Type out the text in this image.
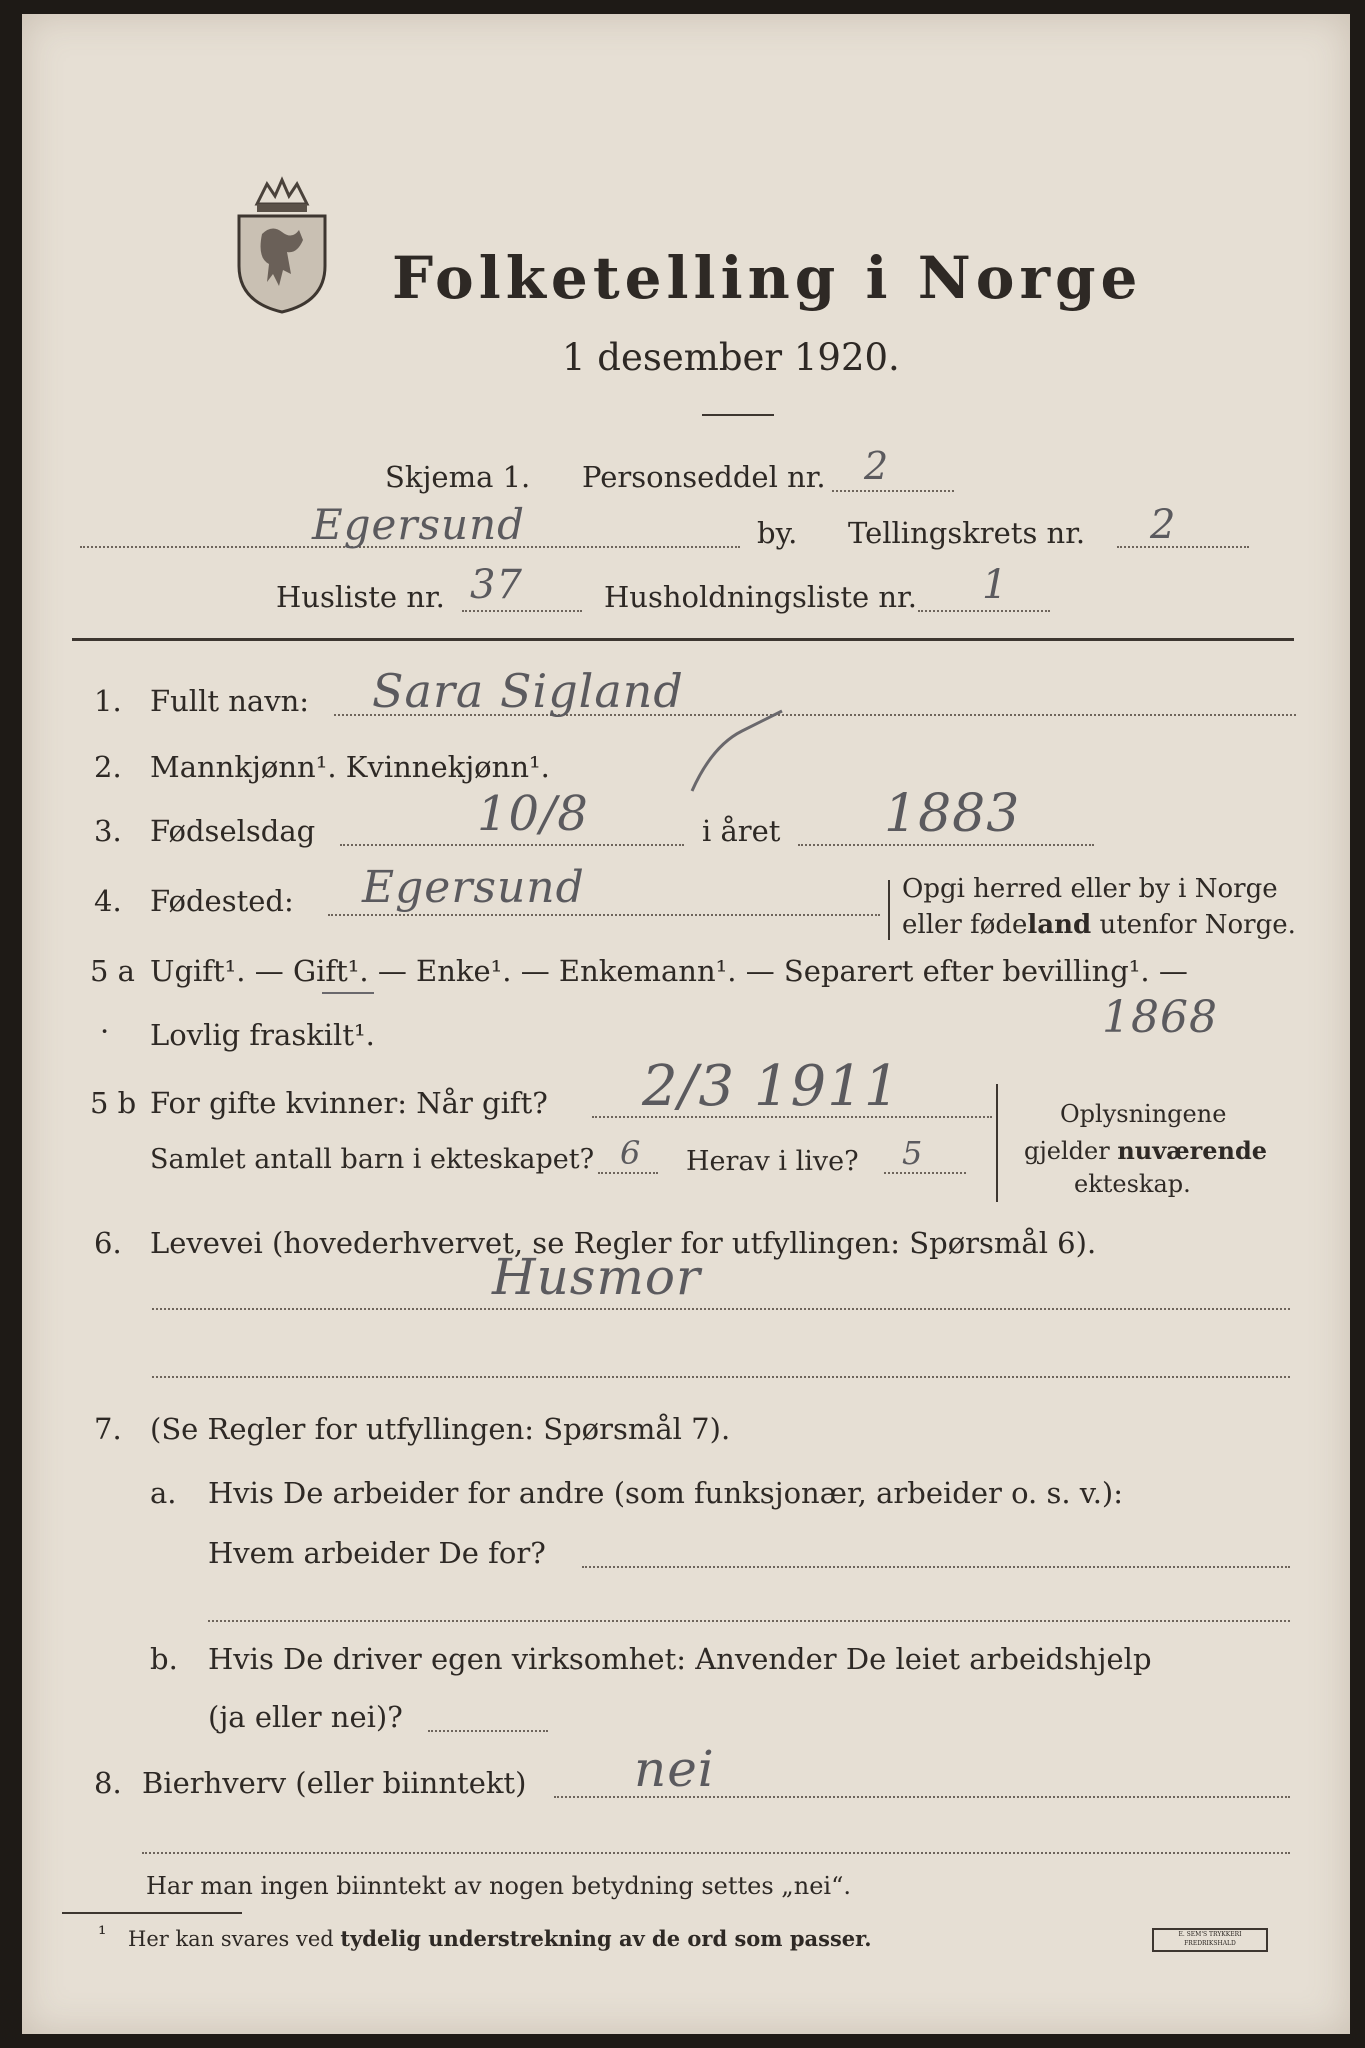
Folketelling i Norge
1 desember 1920.
Skjema 1. Personseddel nr. 2
Egersund	by. Tellingskrets nr. 2
Husliste nr. 37	Husholdningsliste nr. 1
1. Fullt navn: Sara Sigland
2. Mannkjønn¹. Kvinnekjønn¹.
3. Fødselsdag	10/8	i året 1883
4. Fødested: Egersund	Opgi herred eller by i Norge
eller fødeland utenfor Norge.
5 a Ugift¹. — Gift¹. — Enke¹. — Enkemann¹. — Separert efter bevilling¹. —
· Lovlig fraskilt¹.	1868
5 b For gifte kvinner: Når gift? 2/3 1911
Samlet antall barn i ekteskapet? 6 Herav i live? 5
Oplysningene
gjelder nuværende
ekteskap.
6. Levevei (hovederhvervet, se Regler for utfyllingen: Spørsmål 6).
Husmor
7. (Se Regler for utfyllingen: Spørsmål 7).
a. Hvis De arbeider for andre (som funksjonær, arbeider o. s. v.):
Hvem arbeider De for?
b. Hvis De driver egen virksomhet: Anvender De leiet arbeidshjelp
(ja eller nei)?
8. Bierhverv (eller biinntekt) nei
Har man ingen biinntekt av nogen betydning settes „nei“.
¹ Her kan svares ved tydelig understrekning av de ord som passer.	E. SEM'S TRYKKERI FREDRIKSHALD
